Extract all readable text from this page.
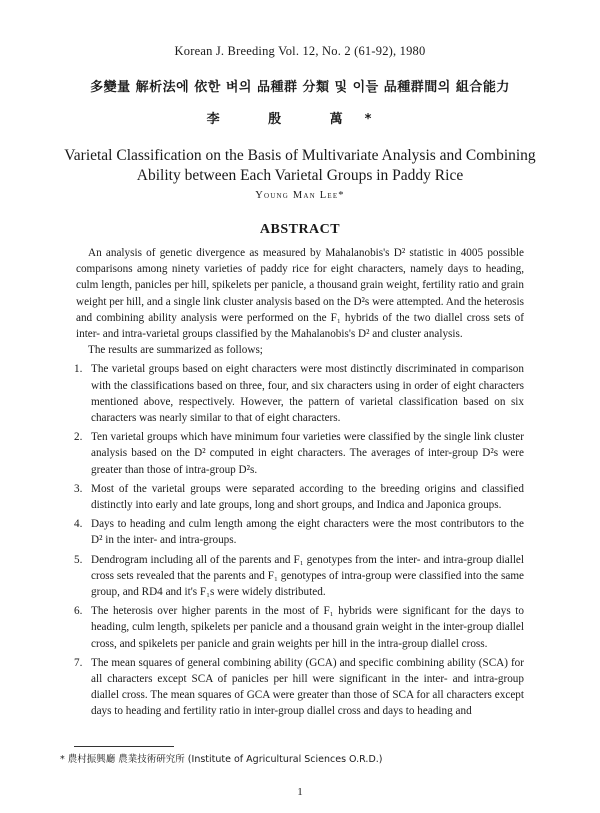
Korean J. Breeding Vol. 12, No. 2 (61-92), 1980
多變量 解析法에 依한 벼의 品種群 分類 및 이들 品種群間의 組合能力
李 殷 萬*
Varietal Classification on the Basis of Multivariate Analysis and Combining
Ability between Each Varietal Groups in Paddy Rice
Young Man Lee*
ABSTRACT

An analysis of genetic divergence as measured by Mahalanobis's D² statistic in 4005 possible comparisons among ninety varieties of paddy rice for eight characters, namely days to heading, culm length, panicles per hill, spikelets per panicle, a thousand grain weight, fertility ratio and grain weight per hill, and a single link cluster analysis based on the D²s were attempted. And the heterosis and combining ability analysis were performed on the F₁ hybrids of the two diallel cross sets of inter- and intra-varietal groups classified by the Mahalanobis's D² and cluster analysis.

The results are summarized as follows;

1. The varietal groups based on eight characters were most distinctly discriminated in comparison with the classifications based on three, four, and six characters using in order of eight characters mentioned above, respectively. However, the pattern of varietal classification based on six characters was nearly similar to that of eight characters.
2. Ten varietal groups which have minimum four varieties were classified by the single link cluster analysis based on the D² computed in eight characters. The averages of inter-group D²s were greater than those of intra-group D²s.
3. Most of the varietal groups were separated according to the breeding origins and classified distinctly into early and late groups, long and short groups, and Indica and Japonica groups.
4. Days to heading and culm length among the eight characters were the most contributors to the D² in the inter- and intra-groups.
5. Dendrogram including all of the parents and F₁ genotypes from the inter- and intra-group diallel cross sets revealed that the parents and F₁ genotypes of intra-group were classified into the same group, and RD4 and it's F₁s were widely distributed.
6. The heterosis over higher parents in the most of F₁ hybrids were significant for the days to heading, culm length, spikelets per panicle and a thousand grain weight in the inter-group diallel cross, and spikelets per panicle and grain weights per hill in the intra-group diallel cross.
7. The mean squares of general combining ability (GCA) and specific combining ability (SCA) for all characters except SCA of panicles per hill were significant in the inter- and intra-group diallel cross. The mean squares of GCA were greater than those of SCA for all characters except days to heading and fertility ratio in inter-group diallel cross and days to heading and
* 農村振興廳 農業技術硏究所 (Institute of Agricultural Sciences O.R.D.)
1
